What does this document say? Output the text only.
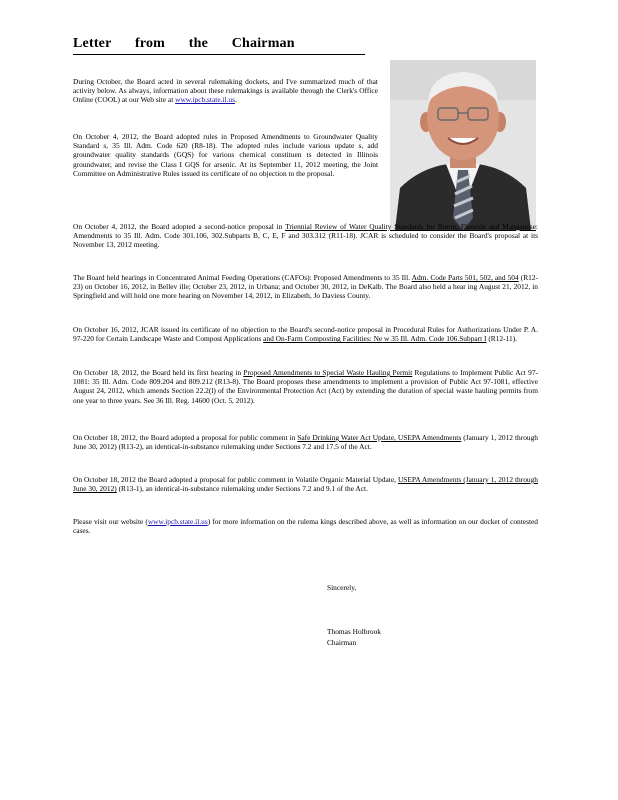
Letter from the Chairman
During October, the Board acted in several rulemaking dockets, and I've summarized much of that activity below. As always, information about these rulemakings is available through the Clerk's Office Online (COOL) at our Web site at www.ipcb.state.il.us.
On October 4, 2012, the Board adopted rules in Proposed Amendments to Groundwater Quality Standard s, 35 Ill. Adm. Code 620 (R8-18). The adopted rules include various update s, add groundwater quality standards (GQS) for various chemical constituen ts detected in Illinois groundwater, and revise the Class I GQS for arsenic. At its September 11, 2012 meeting, the Joint Committee on Administrative Rules issued its certificate of no objection to the proposal.
On October 4, 2012, the Board adopted a second-notice proposal in Triennial Review of Water Quality Standards for Boron, Fluoride and Manganese: Amendments to 35 Ill. Adm. Code 301.106, 302.Subparts B, C, E, F and 303.312 (R11-18). JCAR is scheduled to consider the Board's proposal at its November 13, 2012 meeting.
The Board held hearings in Concentrated Animal Feeding Operations (CAFOs): Proposed Amendments to 35 Ill. Adm. Code Parts 501, 502, and 504 (R12-23) on October 16, 2012, in Bellev ille; October 23, 2012, in Urbana; and October 30, 2012, in DeKalb. The Board also held a hear ing August 21, 2012, in Springfield and will hold one more hearing on November 14, 2012, in Elizabeth, Jo Daviess County.
On October 16, 2012, JCAR issued its certificate of no objection to the Board's second-notice proposal in Procedural Rules for Authorizations Under P. A. 97-220 for Certain Landscape Waste and Compost Applications and On-Farm Composting Facilities: Ne w 35 Ill. Adm. Code 106.Subpart I (R12-11).
On October 18, 2012, the Board held its first hearing in Proposed Amendments to Special Waste Hauling Permit Regulations to Implement Public Act 97-1081: 35 Ill. Adm. Code 809.204 and 809.212 (R13-8). The Board proposes these amendments to implement a provision of Public Act 97-1081, effective August 24, 2012, which amends Section 22.2(l) of the Environmental Protection Act (Act) by extending the duration of special waste hauling permits from one year to three years. See 36 Ill. Reg. 14600 (Oct. 5, 2012).
On October 18, 2012, the Board adopted a proposal for public comment in Safe Drinking Water Act Update, USEPA Amendments (January 1, 2012 through June 30, 2012) (R13-2), an identical-in-substance rulemaking under Sections 7.2 and 17.5 of the Act.
On October 18, 2012 the Board adopted a proposal for public comment in Volatile Organic Material Update, USEPA Amendments (January 1, 2012 through June 30, 2012) (R13-1), an identical-in-substance rulemaking under Sections 7.2 and 9.1 of the Act.
Please visit our website (www.ipcb.state.il.us) for more information on the rulema kings described above, as well as information on our docket of contested cases.
Sincerely,
Thomas Holbrook
Chairman
